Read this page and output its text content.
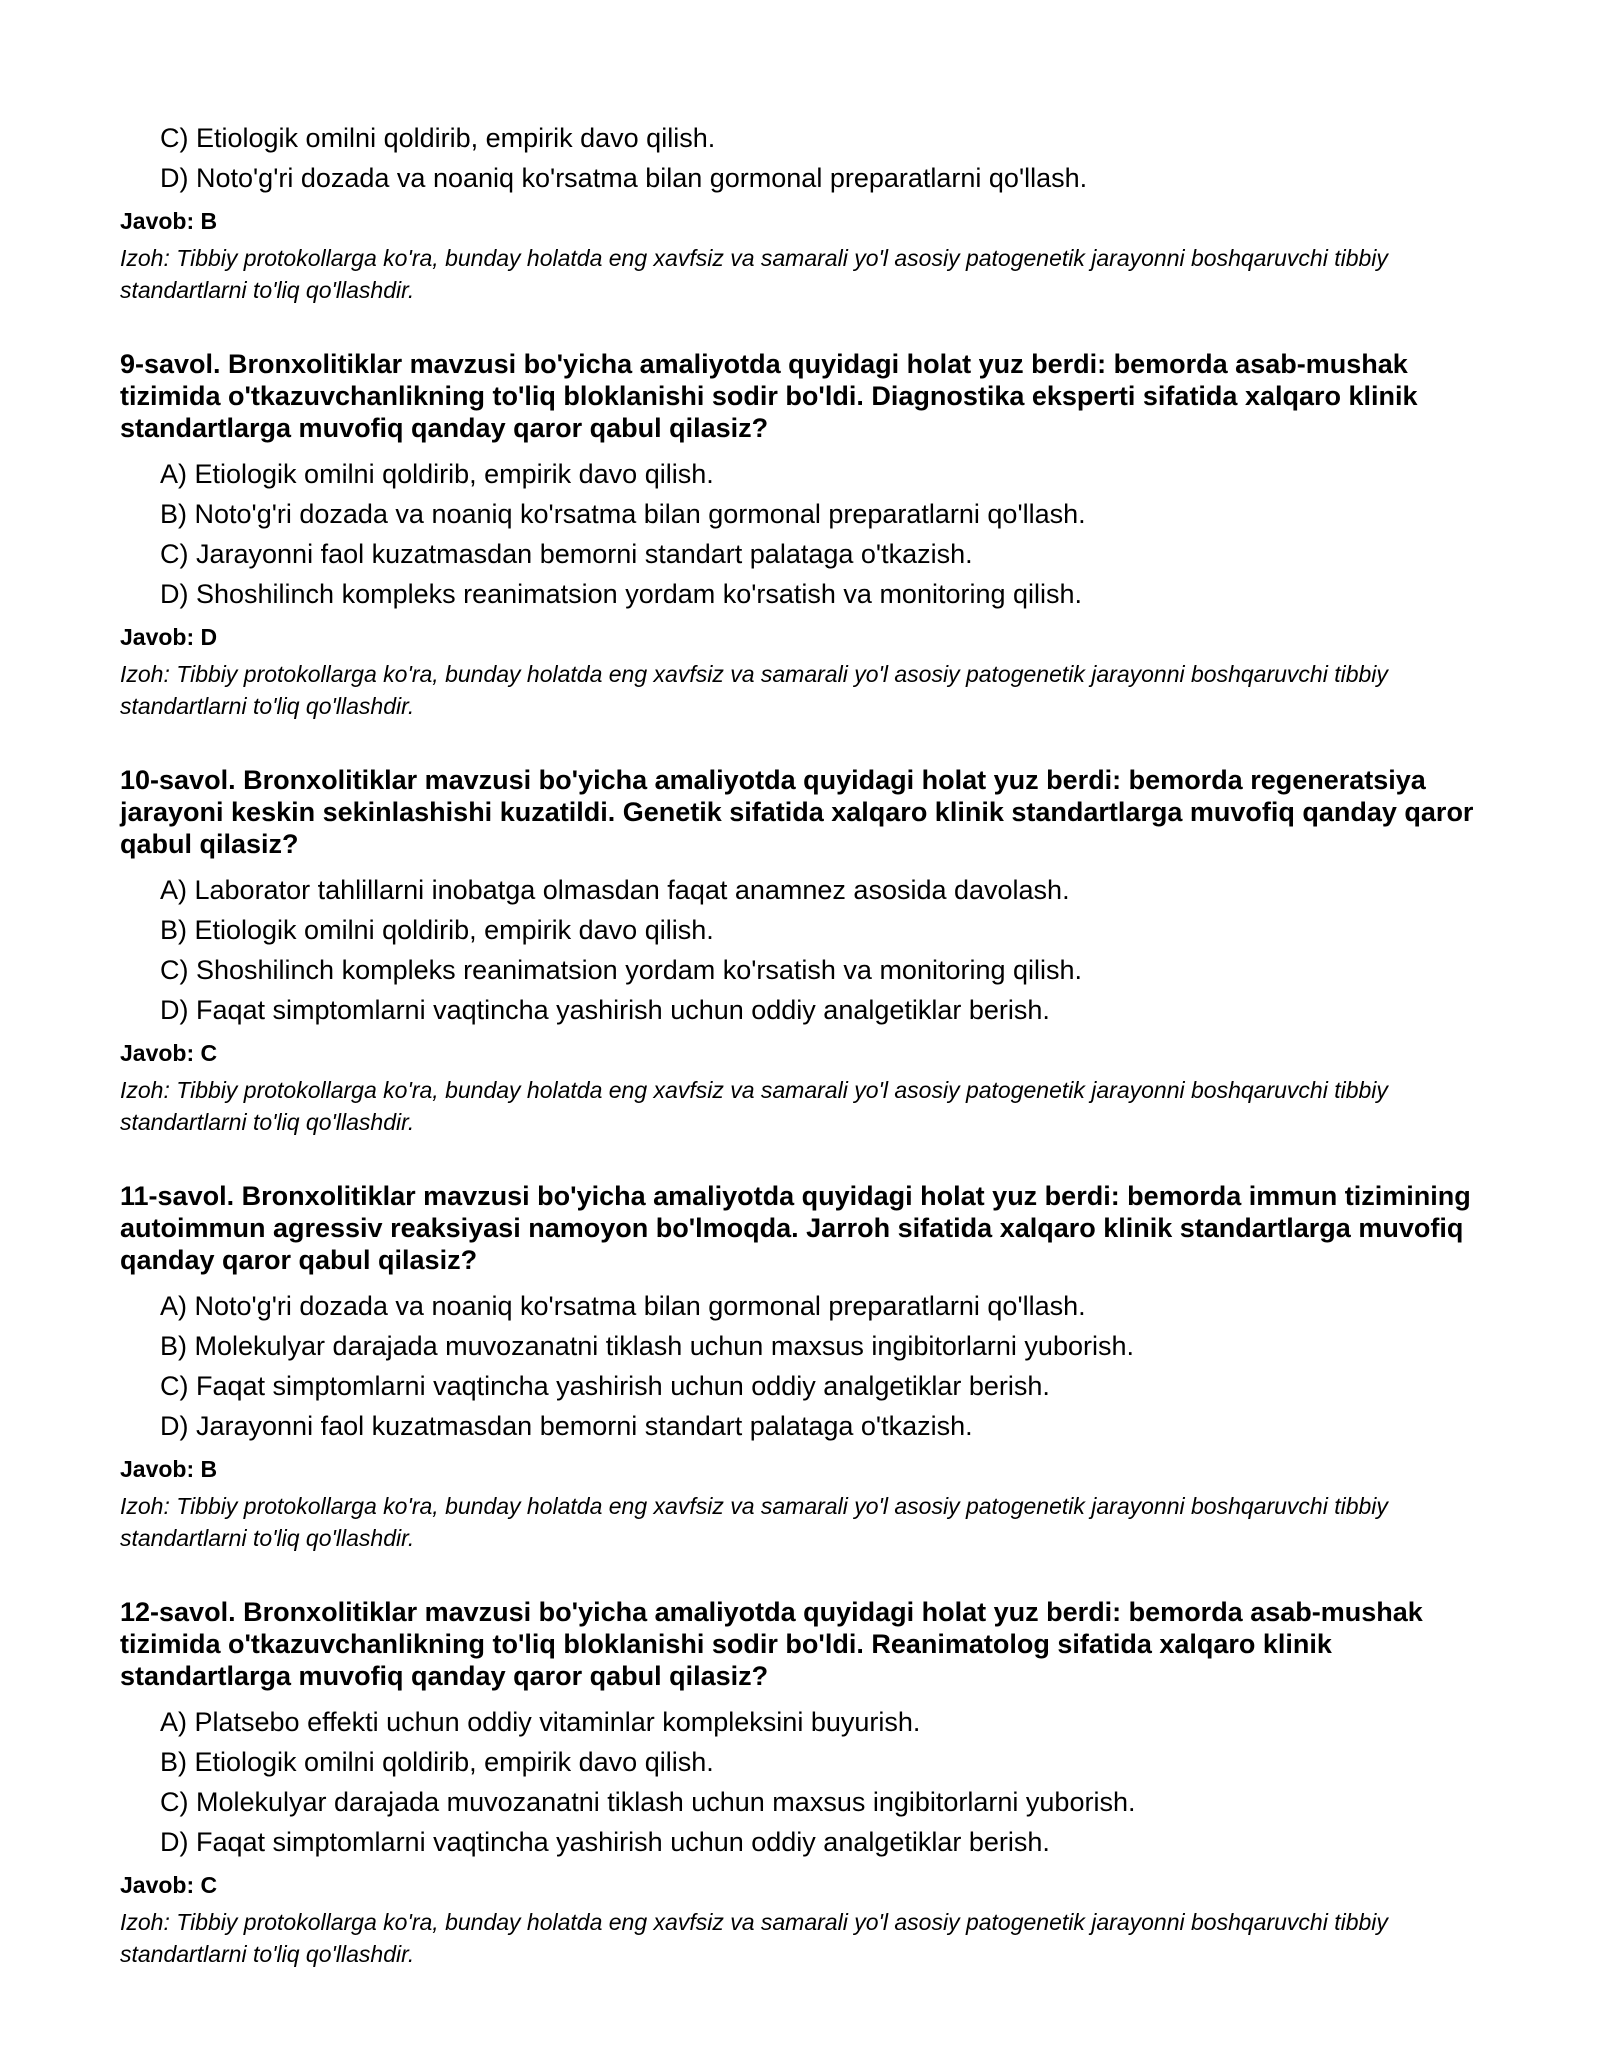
C) Etiologik omilni qoldirib, empirik davo qilish.
D) Noto'g'ri dozada va noaniq ko'rsatma bilan gormonal preparatlarni qo'llash.
Javob: B
Izoh: Tibbiy protokollarga ko'ra, bunday holatda eng xavfsiz va samarali yo'l asosiy patogenetik jarayonni boshqaruvchi tibbiy standartlarni to'liq qo'llashdir.
9-savol. Bronxolitiklar mavzusi bo'yicha amaliyotda quyidagi holat yuz berdi: bemorda asab-mushak tizimida o'tkazuvchanlikning to'liq bloklanishi sodir bo'ldi. Diagnostika eksperti sifatida xalqaro klinik standartlarga muvofiq qanday qaror qabul qilasiz?
A) Etiologik omilni qoldirib, empirik davo qilish.
B) Noto'g'ri dozada va noaniq ko'rsatma bilan gormonal preparatlarni qo'llash.
C) Jarayonni faol kuzatmasdan bemorni standart palataga o'tkazish.
D) Shoshilinch kompleks reanimatsion yordam ko'rsatish va monitoring qilish.
Javob: D
Izoh: Tibbiy protokollarga ko'ra, bunday holatda eng xavfsiz va samarali yo'l asosiy patogenetik jarayonni boshqaruvchi tibbiy standartlarni to'liq qo'llashdir.
10-savol. Bronxolitiklar mavzusi bo'yicha amaliyotda quyidagi holat yuz berdi: bemorda regeneratsiya jarayoni keskin sekinlashishi kuzatildi. Genetik sifatida xalqaro klinik standartlarga muvofiq qanday qaror qabul qilasiz?
A) Laborator tahlillarni inobatga olmasdan faqat anamnez asosida davolash.
B) Etiologik omilni qoldirib, empirik davo qilish.
C) Shoshilinch kompleks reanimatsion yordam ko'rsatish va monitoring qilish.
D) Faqat simptomlarni vaqtincha yashirish uchun oddiy analgetiklar berish.
Javob: C
Izoh: Tibbiy protokollarga ko'ra, bunday holatda eng xavfsiz va samarali yo'l asosiy patogenetik jarayonni boshqaruvchi tibbiy standartlarni to'liq qo'llashdir.
11-savol. Bronxolitiklar mavzusi bo'yicha amaliyotda quyidagi holat yuz berdi: bemorda immun tizimining autoimmun agressiv reaksiyasi namoyon bo'lmoqda. Jarroh sifatida xalqaro klinik standartlarga muvofiq qanday qaror qabul qilasiz?
A) Noto'g'ri dozada va noaniq ko'rsatma bilan gormonal preparatlarni qo'llash.
B) Molekulyar darajada muvozanatni tiklash uchun maxsus ingibitorlarni yuborish.
C) Faqat simptomlarni vaqtincha yashirish uchun oddiy analgetiklar berish.
D) Jarayonni faol kuzatmasdan bemorni standart palataga o'tkazish.
Javob: B
Izoh: Tibbiy protokollarga ko'ra, bunday holatda eng xavfsiz va samarali yo'l asosiy patogenetik jarayonni boshqaruvchi tibbiy standartlarni to'liq qo'llashdir.
12-savol. Bronxolitiklar mavzusi bo'yicha amaliyotda quyidagi holat yuz berdi: bemorda asab-mushak tizimida o'tkazuvchanlikning to'liq bloklanishi sodir bo'ldi. Reanimatolog sifatida xalqaro klinik standartlarga muvofiq qanday qaror qabul qilasiz?
A) Platsebo effekti uchun oddiy vitaminlar kompleksini buyurish.
B) Etiologik omilni qoldirib, empirik davo qilish.
C) Molekulyar darajada muvozanatni tiklash uchun maxsus ingibitorlarni yuborish.
D) Faqat simptomlarni vaqtincha yashirish uchun oddiy analgetiklar berish.
Javob: C
Izoh: Tibbiy protokollarga ko'ra, bunday holatda eng xavfsiz va samarali yo'l asosiy patogenetik jarayonni boshqaruvchi tibbiy standartlarni to'liq qo'llashdir.
